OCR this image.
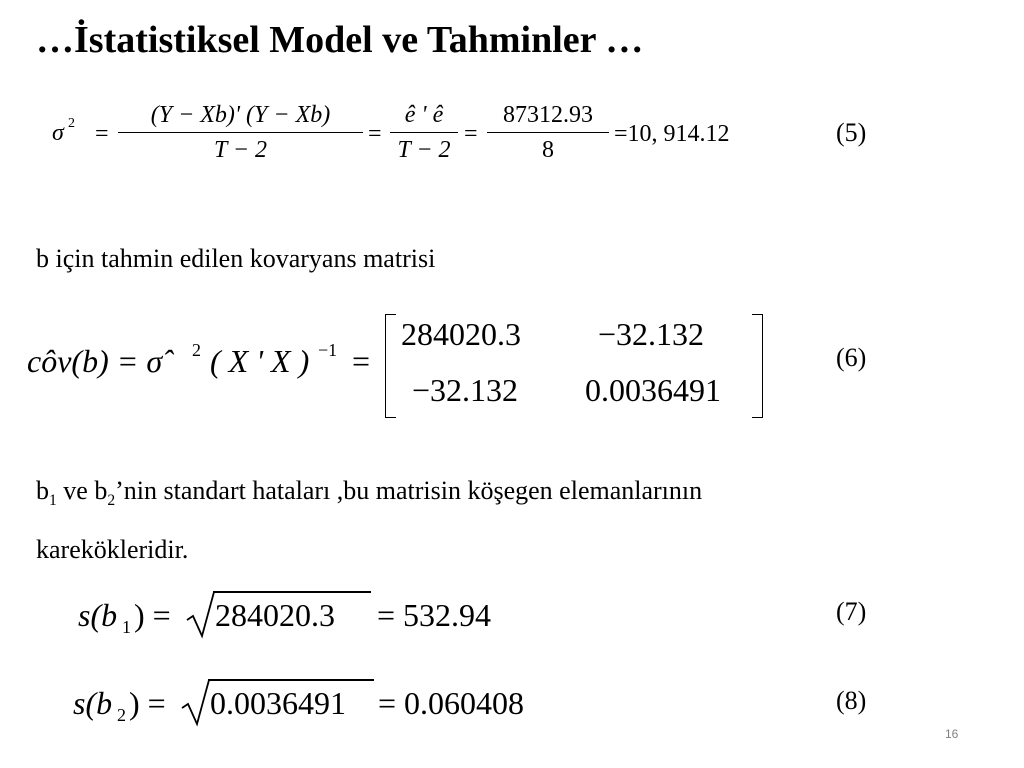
…İstatistiksel Model ve Tahminler …
σ 2 =
(Y − Xb)' (Y − Xb)
T − 2
=
ê ' ê
T − 2
=
87312.93
8
=10, 914.12	(5)
b için tahmin edilen kovaryans matrisi
côv(b) = σ̂ 2 ( X ' X ) −1 =
284020.3 −32.132
−32.132 0.0036491
(6)
$b_1$ ve $b_2’nin$ standart hataları ,bu matrisin köşegen elemanlarının
karekökleridir.
s(b 1 ) = 284020.3 = 532.94	(7)
s(b 2 ) = 0.0036491 = 0.060408	(8)
16
